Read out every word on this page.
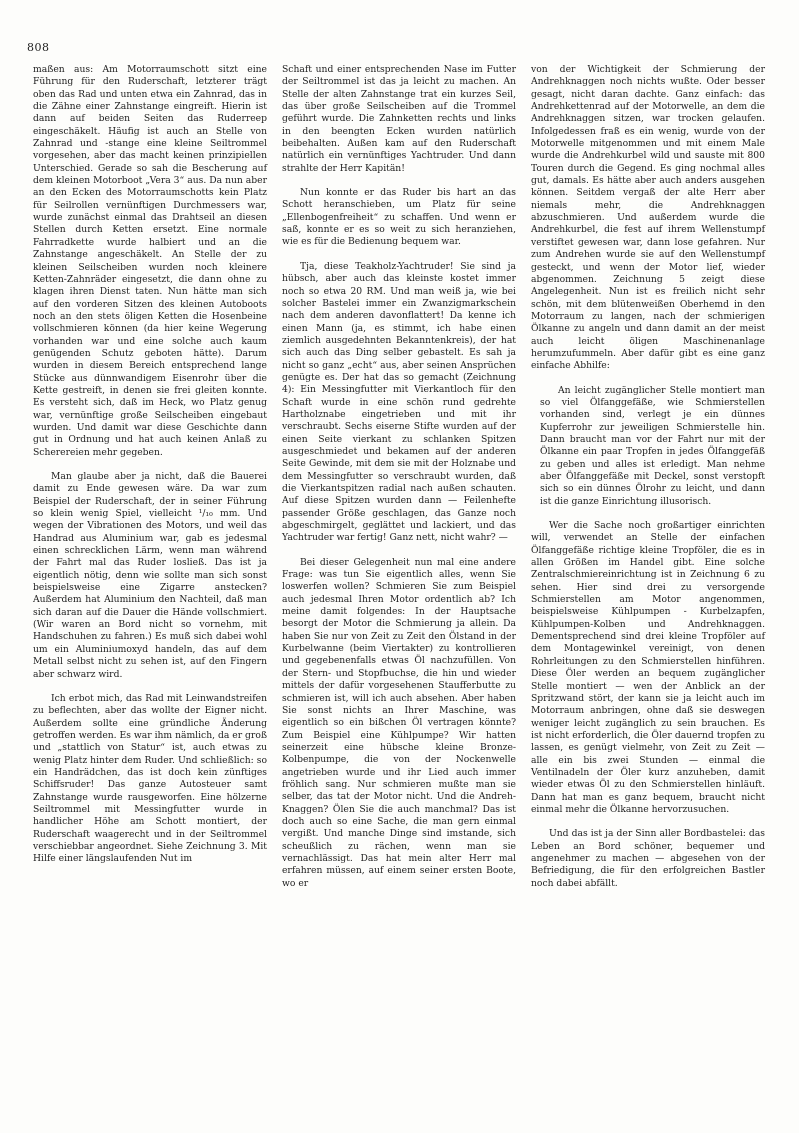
808

maßen aus: Am Motorraumschott sitzt eine Führung für den Ruderschaft, letzterer trägt oben das Rad und unten etwa ein Zahnrad, das in die Zähne einer Zahnstange eingreift. Hierin ist dann auf beiden Seiten das Ruderreep eingeschäkelt. Häufig ist auch an Stelle von Zahnrad und -stange eine kleine Seiltrommel vorgesehen, aber das macht keinen prinzipiellen Unterschied. Gerade so sah die Bescherung auf dem kleinen Motorboot „Vera 3“ aus. Da nun aber an den Ecken des Motorraumschotts kein Platz für Seilrollen vernünftigen Durchmessers war, wurde zunächst einmal das Drahtseil an diesen Stellen durch Ketten ersetzt. Eine normale Fahrradkette wurde halbiert und an die Zahnstange angeschäkelt. An Stelle der zu kleinen Seilscheiben wurden noch kleinere Ketten-Zahnräder eingesetzt, die dann ohne zu klagen ihren Dienst taten. Nun hätte man sich auf den vorderen Sitzen des kleinen Autoboots noch an den stets öligen Ketten die Hosenbeine vollschmieren können (da hier keine Wegerung vorhanden war und eine solche auch kaum genügenden Schutz geboten hätte). Darum wurden in diesem Bereich entsprechend lange Stücke aus dünnwandigem Eisenrohr über die Kette gestreift, in denen sie frei gleiten konnte. Es versteht sich, daß im Heck, wo Platz genug war, vernünftige große Seilscheiben eingebaut wurden. Und damit war diese Geschichte dann gut in Ordnung und hat auch keinen Anlaß zu Scherereien mehr gegeben.

Man glaube aber ja nicht, daß die Bauerei damit zu Ende gewesen wäre. Da war zum Beispiel der Ruderschaft, der in seiner Führung so klein wenig Spiel, vielleicht ¹/₁₀ mm. Und wegen der Vibrationen des Motors, und weil das Handrad aus Aluminium war, gab es jedesmal einen schrecklichen Lärm, wenn man während der Fahrt mal das Ruder losließ. Das ist ja eigentlich nötig, denn wie sollte man sich sonst beispielsweise eine Zigarre anstecken? Außerdem hat Aluminium den Nachteil, daß man sich daran auf die Dauer die Hände vollschmiert. (Wir waren an Bord nicht so vornehm, mit Handschuhen zu fahren.) Es muß sich dabei wohl um ein Aluminiumoxyd handeln, das auf dem Metall selbst nicht zu sehen ist, auf den Fingern aber schwarz wird.

Ich erbot mich, das Rad mit Leinwandstreifen zu beflechten, aber das wollte der Eigner nicht. Außerdem sollte eine gründliche Änderung getroffen werden. Es war ihm nämlich, da er groß und „stattlich von Statur“ ist, auch etwas zu wenig Platz hinter dem Ruder. Und schließlich: so ein Handrädchen, das ist doch kein zünftiges Schiffsruder! Das ganze Autosteuer samt Zahnstange wurde rausgeworfen. Eine hölzerne Seiltrommel mit Messingfutter wurde in handlicher Höhe am Schott montiert, der Ruderschaft waagerecht und in der Seiltrommel verschiebbar angeordnet. Siehe Zeichnung 3. Mit Hilfe einer längslaufenden Nut im

Schaft und einer entsprechenden Nase im Futter der Seiltrommel ist das ja leicht zu machen. An Stelle der alten Zahnstange trat ein kurzes Seil, das über große Seilscheiben auf die Trommel geführt wurde. Die Zahnketten rechts und links in den beengten Ecken wurden natürlich beibehalten. Außen kam auf den Ruderschaft natürlich ein vernünftiges Yachtruder. Und dann strahlte der Herr Kapitän!

Nun konnte er das Ruder bis hart an das Schott heranschieben, um Platz für seine „Ellenbogenfreiheit“ zu schaffen. Und wenn er saß, konnte er es so weit zu sich heranziehen, wie es für die Bedienung bequem war.

Tja, diese Teakholz-Yachtruder! Sie sind ja hübsch, aber auch das kleinste kostet immer noch so etwa 20 RM. Und man weiß ja, wie bei solcher Bastelei immer ein Zwanzigmarkschein nach dem anderen davonflattert! Da kenne ich einen Mann (ja, es stimmt, ich habe einen ziemlich ausgedehnten Bekanntenkreis), der hat sich auch das Ding selber gebastelt. Es sah ja nicht so ganz „echt“ aus, aber seinen Ansprüchen genügte es. Der hat das so gemacht (Zeichnung 4): Ein Messingfutter mit Vierkantloch für den Schaft wurde in eine schön rund gedrehte Hartholznabe eingetrieben und mit ihr verschraubt. Sechs eiserne Stifte wurden auf der einen Seite vierkant zu schlanken Spitzen ausgeschmiedet und bekamen auf der anderen Seite Gewinde, mit dem sie mit der Holznabe und dem Messingfutter so verschraubt wurden, daß die Vierkantspitzen radial nach außen schauten. Auf diese Spitzen wurden dann — Feilenhefte passender Größe geschlagen, das Ganze noch abgeschmirgelt, geglättet und lackiert, und das Yachtruder war fertig! Ganz nett, nicht wahr? —

Bei dieser Gelegenheit nun mal eine andere Frage: was tun Sie eigentlich alles, wenn Sie loswerfen wollen? Schmieren Sie zum Beispiel auch jedesmal Ihren Motor ordentlich ab? Ich meine damit folgendes: In der Hauptsache besorgt der Motor die Schmierung ja allein. Da haben Sie nur von Zeit zu Zeit den Ölstand in der Kurbelwanne (beim Viertakter) zu kontrollieren und gegebenenfalls etwas Öl nachzufüllen. Von der Stern- und Stopfbuchse, die hin und wieder mittels der dafür vorgesehenen Staufferbutte zu schmieren ist, will ich auch absehen. Aber haben Sie sonst nichts an Ihrer Maschine, was eigentlich so ein bißchen Öl vertragen könnte? Zum Beispiel eine Kühlpumpe? Wir hatten seinerzeit eine hübsche kleine Bronze-Kolbenpumpe, die von der Nockenwelle angetrieben wurde und ihr Lied auch immer fröhlich sang. Nur schmieren mußte man sie selber, das tat der Motor nicht. Und die Andreh-Knaggen? Ölen Sie die auch manchmal? Das ist doch auch so eine Sache, die man gern einmal vergißt. Und manche Dinge sind imstande, sich scheußlich zu rächen, wenn man sie vernachlässigt. Das hat mein alter Herr mal erfahren müssen, auf einem seiner ersten Boote, wo er

von der Wichtigkeit der Schmierung der Andrehknaggen noch nichts wußte. Oder besser gesagt, nicht daran dachte. Ganz einfach: das Andrehkettenrad auf der Motorwelle, an dem die Andrehknaggen sitzen, war trocken gelaufen. Infolgedessen fraß es ein wenig, wurde von der Motorwelle mitgenommen und mit einem Male wurde die Andrehkurbel wild und sauste mit 800 Touren durch die Gegend. Es ging nochmal alles gut, damals. Es hätte aber auch anders ausgehen können. Seitdem vergaß der alte Herr aber niemals mehr, die Andrehknaggen abzuschmieren. Und außerdem wurde die Andrehkurbel, die fest auf ihrem Wellenstumpf verstiftet gewesen war, dann lose gefahren. Nur zum Andrehen wurde sie auf den Wellenstumpf gesteckt, und wenn der Motor lief, wieder abgenommen. Zeichnung 5 zeigt diese Angelegenheit. Nun ist es freilich nicht sehr schön, mit dem blütenweißen Oberhemd in den Motorraum zu langen, nach der schmierigen Ölkanne zu angeln und dann damit an der meist auch leicht öligen Maschinenanlage herumzufummeln. Aber dafür gibt es eine ganz einfache Abhilfe:

An leicht zugänglicher Stelle montiert man so viel Ölfanggefäße, wie Schmierstellen vorhanden sind, verlegt je ein dünnes Kupferrohr zur jeweiligen Schmierstelle hin. Dann braucht man vor der Fahrt nur mit der Ölkanne ein paar Tropfen in jedes Ölfanggefäß zu geben und alles ist erledigt. Man nehme aber Ölfanggefäße mit Deckel, sonst verstopft sich so ein dünnes Ölrohr zu leicht, und dann ist die ganze Einrichtung illusorisch.

Wer die Sache noch großartiger einrichten will, verwendet an Stelle der einfachen Ölfanggefäße richtige kleine Tropföler, die es in allen Größen im Handel gibt. Eine solche Zentralschmiereinrichtung ist in Zeichnung 6 zu sehen. Hier sind drei zu versorgende Schmierstellen am Motor angenommen, beispielsweise Kühlpumpen - Kurbelzapfen, Kühlpumpen-Kolben und Andrehknaggen. Dementsprechend sind drei kleine Tropföler auf dem Montagewinkel vereinigt, von denen Rohrleitungen zu den Schmierstellen hinführen. Diese Öler werden an bequem zugänglicher Stelle montiert — wen der Anblick an der Spritzwand stört, der kann sie ja leicht auch im Motorraum anbringen, ohne daß sie deswegen weniger leicht zugänglich zu sein brauchen. Es ist nicht erforderlich, die Öler dauernd tropfen zu lassen, es genügt vielmehr, von Zeit zu Zeit — alle ein bis zwei Stunden — einmal die Ventilnadeln der Öler kurz anzuheben, damit wieder etwas Öl zu den Schmierstellen hinläuft. Dann hat man es ganz bequem, braucht nicht einmal mehr die Ölkanne hervorzusuchen.

Und das ist ja der Sinn aller Bordbastelei: das Leben an Bord schöner, bequemer und angenehmer zu machen — abgesehen von der Befriedigung, die für den erfolgreichen Bastler noch dabei abfällt.
